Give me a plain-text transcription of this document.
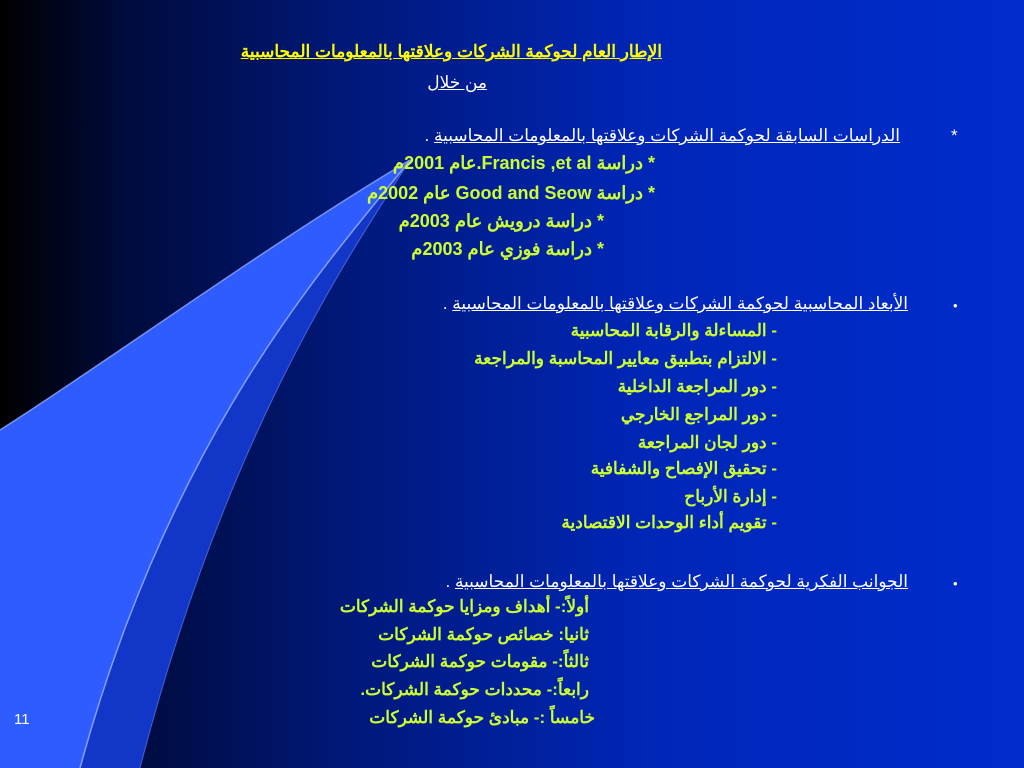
الإطار العام لحوكمة الشركات وعلاقتها بالمعلومات المحاسبية
من خلال
*
الدراسات السابقة لحوكمة الشركات وعلاقتها بالمعلومات المحاسبية .
* دراسة Francis ,et al.عام 2001م
* دراسة Good and Seow عام 2002م
* دراسة درويش عام 2003م
* دراسة فوزي عام 2003م
•
الأبعاد المحاسبية لحوكمة الشركات وعلاقتها بالمعلومات المحاسبية .
- المساءلة والرقابة المحاسبية
- الالتزام بتطبيق معايير المحاسبة والمراجعة
- دور المراجعة الداخلية
- دور المراجع الخارجي
- دور لجان المراجعة
- تحقيق الإفصاح والشفافية
- إدارة الأرباح
- تقويم أداء الوحدات الاقتصادية
•
الجوانب الفكرية لحوكمة الشركات وعلاقتها بالمعلومات المحاسبية .
أولاً:- أهداف ومزايا حوكمة الشركات
ثانيا: خصائص حوكمة الشركات
ثالثاً:- مقومات حوكمة الشركات
رابعاً:- محددات حوكمة الشركات.
خامساً :- مبادئ حوكمة الشركات
11
